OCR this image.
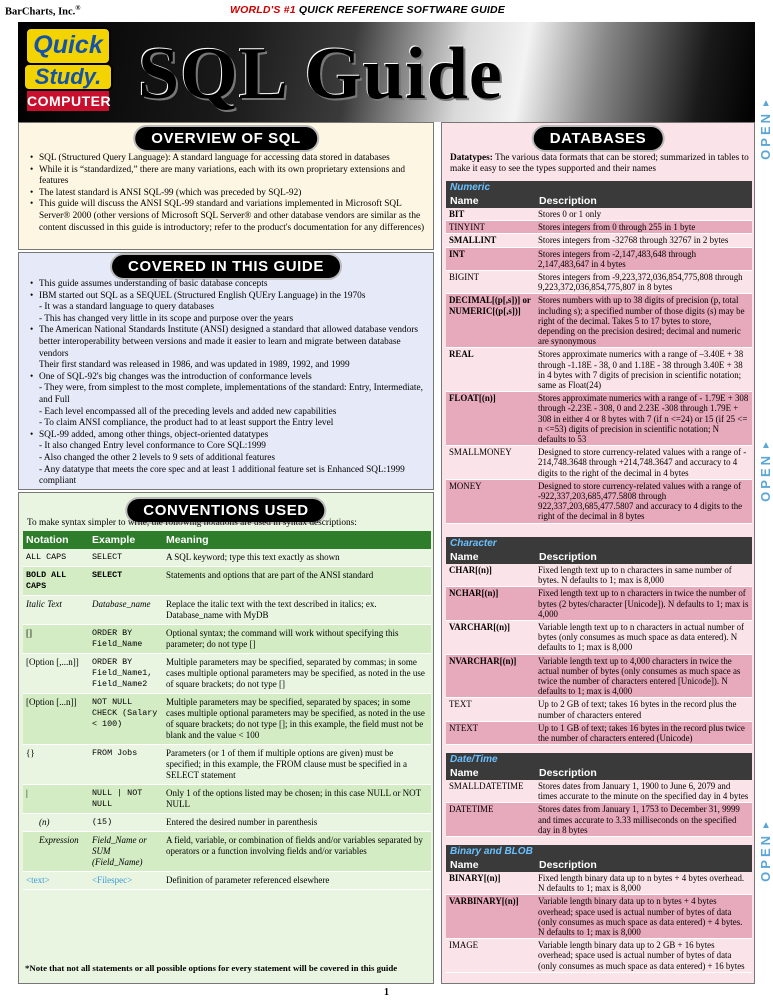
BarCharts, Inc.®	WORLD'S #1 QUICK REFERENCE SOFTWARE GUIDE
Quick
Study.
COMPUTER SQL Guide	▲
OPEN
▲
OPEN
▲
OPEN
OVERVIEW OF SQL
• SQL (Structured Query Language): A standard language for accessing data stored in databases
• While it is “standardized,” there are many variations, each with its own proprietary extensions and features
• The latest standard is ANSI SQL-99 (which was preceded by SQL-92)
• This guide will discuss the ANSI SQL-99 standard and variations implemented in Microsoft SQL Server® 2000 (other versions of Microsoft SQL Server® and other database vendors are similar as the content discussed in this guide is introductory; refer to the product's documentation for any differences)
COVERED IN THIS GUIDE
• This guide assumes understanding of basic database concepts
• IBM started out SQL as a SEQUEL (Structured English QUEry Language) in the 1970s
- It was a standard language to query databases
- This has changed very little in its scope and purpose over the years
• The American National Standards Institute (ANSI) designed a standard that allowed database vendors better interoperability between versions and made it easier to learn and migrate between database vendors
Their first standard was released in 1986, and was updated in 1989, 1992, and 1999
• One of SQL-92's big changes was the introduction of conformance levels
- They were, from simplest to the most complete, implementations of the standard: Entry, Intermediate, and Full
- Each level encompassed all of the preceding levels and added new capabilities
- To claim ANSI compliance, the product had to at least support the Entry level
• SQL-99 added, among other things, object-oriented datatypes
- It also changed Entry level conformance to Core SQL:1999
- Also changed the other 2 levels to 9 sets of additional features
- Any datatype that meets the core spec and at least 1 additional feature set is Enhanced SQL:1999 compliant
CONVENTIONS USED
To make syntax simpler to write, the following notations are used in syntax descriptions:
Notation	Example	Meaning
ALL CAPS	SELECT	A SQL keyword; type this text exactly as shown
BOLD ALL CAPS	SELECT	Statements and options that are part of the ANSI standard
Italic Text	Database_name	Replace the italic text with the text described in italics; ex. Database_name with MyDB
[]	ORDER BY Field_Name	Optional syntax; the command will work without specifying this parameter; do not type []
[Option [,...n]]	ORDER BY Field_Name1, Field_Name2	Multiple parameters may be specified, separated by commas; in some cases multiple optional parameters may be specified, as noted in the use of square brackets; do not type []
[Option [...n]]	NOT NULL CHECK (Salary < 100)	Multiple parameters may be specified, separated by spaces; in some cases multiple optional parameters may be specified, as noted in the use of square brackets; do not type []; in this example, the field must not be blank and the value < 100
{}	FROM Jobs	Parameters (or 1 of them if multiple options are given) must be specified; in this example, the FROM clause must be specified in a SELECT statement
|	NULL | NOT NULL	Only 1 of the options listed may be chosen; in this case NULL or NOT NULL
(n)	(15)	Entered the desired number in parenthesis
Expression	Field_Name or SUM (Field_Name)	A field, variable, or combination of fields and/or variables separated by operators or a function involving fields and/or variables
<text>	<Filespec>	Definition of parameter referenced elsewhere
*Note that not all statements or all possible options for every statement will be covered in this guide
DATABASES
Datatypes: The various data formats that can be stored; summarized in tables to make it easy to see the types supported and their names
Numeric
Name	Description
BIT	Stores 0 or 1 only
TINYINT	Stores integers from 0 through 255 in 1 byte
SMALLINT	Stores integers from -32768 through 32767 in 2 bytes
INT	Stores integers from -2,147,483,648 through 2,147,483,647 in 4 bytes
BIGINT	Stores integers from -9,223,372,036,854,775,808 through 9,223,372,036,854,775,807 in 8 bytes
DECIMAL[(p[,s])] or NUMERIC[(p[,s])]	Stores numbers with up to 38 digits of precision (p, total including s); a specified number of those digits (s) may be right of the decimal. Takes 5 to 17 bytes to store, depending on the precision desired; decimal and numeric are synonymous
REAL	Stores approximate numerics with a range of –3.40E + 38 through -1.18E - 38, 0 and 1.18E - 38 through 3.40E + 38 in 4 bytes with 7 digits of precision in scientific notation; same as Float(24)
FLOAT[(n)]	Stores approximate numerics with a range of - 1.79E + 308 through -2.23E - 308, 0 and 2.23E -308 through 1.79E + 308 in either 4 or 8 bytes with 7 (if n <=24) or 15 (if 25 <= n <=53) digits of precision in scientific notation; N defaults to 53
SMALLMONEY	Designed to store currency-related values with a range of - 214,748.3648 through +214,748.3647 and accuracy to 4 digits to the right of the decimal in 4 bytes
MONEY	Designed to store currency-related values with a range of -922,337,203,685,477.5808 through 922,337,203,685,477.5807 and accuracy to 4 digits to the right of the decimal in 8 bytes
Character
Name	Description
CHAR[(n)]	Fixed length text up to n characters in same number of bytes. N defaults to 1; max is 8,000
NCHAR[(n)]	Fixed length text up to n characters in twice the number of bytes (2 bytes/character [Unicode]). N defaults to 1; max is 4,000
VARCHAR[(n)]	Variable length text up to n characters in actual number of bytes (only consumes as much space as data entered). N defaults to 1; max is 8,000
NVARCHAR[(n)]	Variable length text up to 4,000 characters in twice the actual number of bytes (only consumes as much space as twice the number of characters entered [Unicode]). N defaults to 1; max is 4,000
TEXT	Up to 2 GB of text; takes 16 bytes in the record plus the number of characters entered
NTEXT	Up to 1 GB of text; takes 16 bytes in the record plus twice the number of characters entered (Unicode)
Date/Time
Name	Description
SMALLDATETIME	Stores dates from January 1, 1900 to June 6, 2079 and times accurate to the minute on the specified day in 4 bytes
DATETIME	Stores dates from January 1, 1753 to December 31, 9999 and times accurate to 3.33 milliseconds on the specified day in 8 bytes
Binary and BLOB
Name	Description
BINARY[(n)]	Fixed length binary data up to n bytes + 4 bytes overhead. N defaults to 1; max is 8,000
VARBINARY[(n)]	Variable length binary data up to n bytes + 4 bytes overhead; space used is actual number of bytes of data (only consumes as much space as data entered) + 4 bytes. N defaults to 1; max is 8,000
IMAGE	Variable length binary data up to 2 GB + 16 bytes overhead; space used is actual number of bytes of data (only consumes as much space as data entered) + 16 bytes
1
